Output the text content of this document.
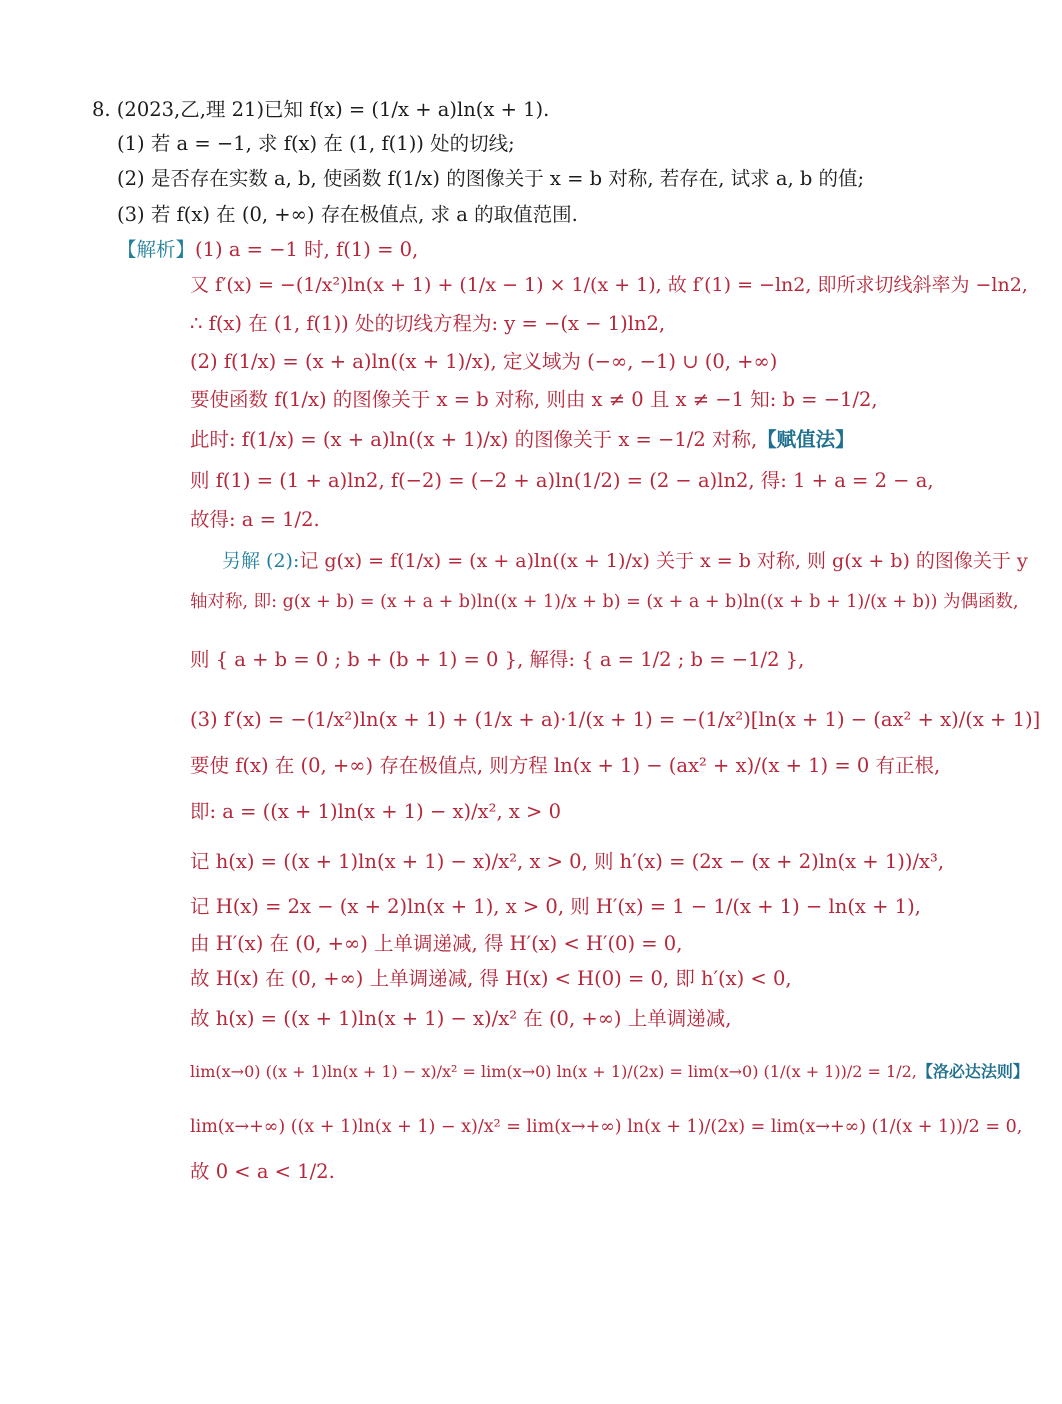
8. (2023,乙,理 21)已知 f(x) = (1/x + a)ln(x + 1).
(1) 若 a = −1, 求 f(x) 在 (1, f(1)) 处的切线;
(2) 是否存在实数 a, b, 使函数 f(1/x) 的图像关于 x = b 对称, 若存在, 试求 a, b 的值;
(3) 若 f(x) 在 (0, +∞) 存在极值点, 求 a 的取值范围.
【解析】(1) a = −1 时, f(1) = 0,
又 f′(x) = −(1/x²)ln(x + 1) + (1/x − 1) × 1/(x + 1), 故 f′(1) = −ln2, 即所求切线斜率为 −ln2,
∴ f(x) 在 (1, f(1)) 处的切线方程为: y = −(x − 1)ln2,
(2) f(1/x) = (x + a)ln((x + 1)/x), 定义域为 (−∞, −1) ∪ (0, +∞)
要使函数 f(1/x) 的图像关于 x = b 对称, 则由 x ≠ 0 且 x ≠ −1 知: b = −1/2,
此时: f(1/x) = (x + a)ln((x + 1)/x) 的图像关于 x = −1/2 对称,【赋值法】
则 f(1) = (1 + a)ln2, f(−2) = (−2 + a)ln(1/2) = (2 − a)ln2, 得: 1 + a = 2 − a,
故得: a = 1/2.
另解 (2):记 g(x) = f(1/x) = (x + a)ln((x + 1)/x) 关于 x = b 对称, 则 g(x + b) 的图像关于 y
轴对称, 即: g(x + b) = (x + a + b)ln((x + 1)/x + b) = (x + a + b)ln((x + b + 1)/(x + b)) 为偶函数,
则 { a + b = 0 ; b + (b + 1) = 0 }, 解得: { a = 1/2 ; b = −1/2 },
(3) f′(x) = −(1/x²)ln(x + 1) + (1/x + a)·1/(x + 1) = −(1/x²)[ln(x + 1) − (ax² + x)/(x + 1)]
要使 f(x) 在 (0, +∞) 存在极值点, 则方程 ln(x + 1) − (ax² + x)/(x + 1) = 0 有正根,
即: a = ((x + 1)ln(x + 1) − x)/x², x > 0
记 h(x) = ((x + 1)ln(x + 1) − x)/x², x > 0, 则 h′(x) = (2x − (x + 2)ln(x + 1))/x³,
记 H(x) = 2x − (x + 2)ln(x + 1), x > 0, 则 H′(x) = 1 − 1/(x + 1) − ln(x + 1),
由 H′(x) 在 (0, +∞) 上单调递减, 得 H′(x) < H′(0) = 0,
故 H(x) 在 (0, +∞) 上单调递减, 得 H(x) < H(0) = 0, 即 h′(x) < 0,
故 h(x) = ((x + 1)ln(x + 1) − x)/x² 在 (0, +∞) 上单调递减,
lim(x→0) ((x + 1)ln(x + 1) − x)/x² = lim(x→0) ln(x + 1)/(2x) = lim(x→0) (1/(x + 1))/2 = 1/2,【洛必达法则】
lim(x→+∞) ((x + 1)ln(x + 1) − x)/x² = lim(x→+∞) ln(x + 1)/(2x) = lim(x→+∞) (1/(x + 1))/2 = 0,
故 0 < a < 1/2.
